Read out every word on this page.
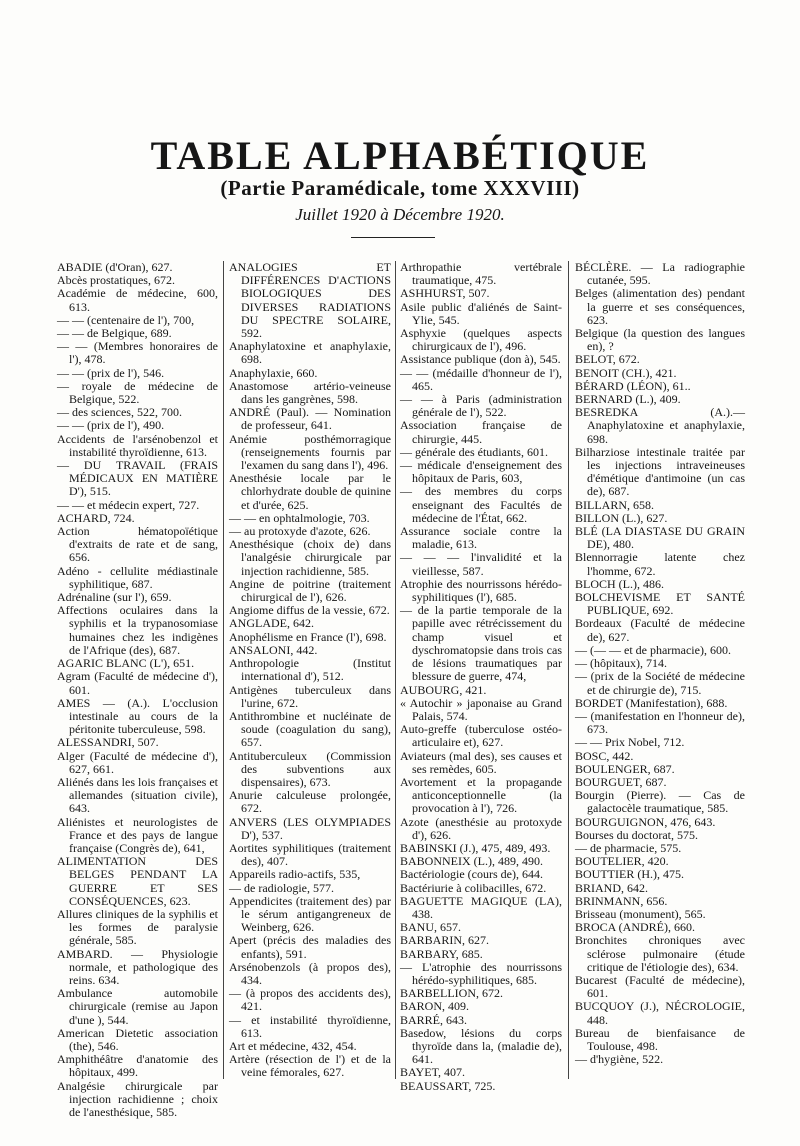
TABLE ALPHABÉTIQUE
(Partie Paramédicale, tome XXXVIII)
Juillet 1920 à Décembre 1920.

ABADIE (d'Oran), 627.

Abcès prostatiques, 672.

Académie de médecine, 600, 613.

— — (centenaire de l'), 700,

— — de Belgique, 689.

— — (Membres honoraires de l'), 478.

— — (prix de l'), 546.

— royale de médecine de Belgique, 522.

— des sciences, 522, 700.

— — (prix de l'), 490.

Accidents de l'arsénobenzol et instabilité thyroïdienne, 613.

— DU TRAVAIL (FRAIS MÉDICAUX EN MATIÈRE D'), 515.

— — et médecin expert, 727.

ACHARD, 724.

Action hématopoïétique d'extraits de rate et de sang, 656.

Adéno - cellulite médiastinale syphilitique, 687.

Adrénaline (sur l'), 659.

Affections oculaires dans la syphilis et la trypanosomiase humaines chez les indigènes de l'Afrique (des), 687.

AGARIC BLANC (L'), 651.

Agram (Faculté de médecine d'), 601.

AMES — (A.). L'occlusion intestinale au cours de la péritonite tuberculeuse, 598.

ALESSANDRI, 507.

Alger (Faculté de médecine d'), 627, 661.

Aliénés dans les lois françaises et allemandes (situation civile), 643.

Aliénistes et neurologistes de France et des pays de langue française (Congrès de), 641,

ALIMENTATION DES BELGES PENDANT LA GUERRE ET SES CONSÉQUENCES, 623.

Allures cliniques de la syphilis et les formes de paralysie générale, 585.

AMBARD. — Physiologie normale, et pathologique des reins. 634.

Ambulance automobile chirurgicale (remise au Japon d'une ), 544.

American Dietetic association (the), 546.

Amphithéâtre d'anatomie des hôpitaux, 499.

Analgésie chirurgicale par injection rachidienne ; choix de l'anesthésique, 585.

ANALOGIES ET DIFFÉRENCES D'ACTIONS BIOLOGIQUES DES DIVERSES RADIATIONS DU SPECTRE SOLAIRE, 592.

Anaphylatoxine et anaphylaxie, 698.

Anaphylaxie, 660.

Anastomose artério-veineuse dans les gangrènes, 598.

ANDRÉ (Paul). — Nomination de professeur, 641.

Anémie posthémorragique (renseignements fournis par l'examen du sang dans l'), 496.

Anesthésie locale par le chlorhydrate double de quinine et d'urée, 625.

— — en ophtalmologie, 703.

— au protoxyde d'azote, 626.

Anesthésique (choix de) dans l'analgésie chirurgicale par injection rachidienne, 585.

Angine de poitrine (traitement chirurgical de l'), 626.

Angiome diffus de la vessie, 672.

ANGLADE, 642.

Anophélisme en France (l'), 698.

ANSALONI, 442.

Anthropologie (Institut international d'), 512.

Antigènes tuberculeux dans l'urine, 672.

Antithrombine et nucléinate de soude (coagulation du sang), 657.

Antituberculeux (Commission des subventions aux dispensaires), 673.

Anurie calculeuse prolongée, 672.

ANVERS (LES OLYMPIADES D'), 537.

Aortites syphilitiques (traitement des), 407.

Appareils radio-actifs, 535,

— de radiologie, 577.

Appendicites (traitement des) par le sérum antigangreneux de Weinberg, 626.

Apert (précis des maladies des enfants), 591.

Arsénobenzols (à propos des), 434.

— (à propos des accidents des), 421.

— et instabilité thyroïdienne, 613.

Art et médecine, 432, 454.

Artère (résection de l') et de la veine fémorales, 627.

Arthropathie vertébrale traumatique, 475.

ASHHURST, 507.

Asile public d'aliénés de Saint-Ylie, 545.

Asphyxie (quelques aspects chirurgicaux de l'), 496.

Assistance publique (don à), 545.

— — (médaille d'honneur de l'), 465.

— — à Paris (administration générale de l'), 522.

Association française de chirurgie, 445.

— générale des étudiants, 601.

— médicale d'enseignement des hôpitaux de Paris, 603,

— des membres du corps enseignant des Facultés de médecine de l'État, 662.

Assurance sociale contre la maladie, 613.

— — — l'invalidité et la vieillesse, 587.

Atrophie des nourrissons hérédo-syphilitiques (l'), 685.

— de la partie temporale de la papille avec rétrécissement du champ visuel et dyschromatopsie dans trois cas de lésions traumatiques par blessure de guerre, 474,

AUBOURG, 421.

« Autochir » japonaise au Grand Palais, 574.

Auto-greffe (tuberculose ostéo-articulaire et), 627.

Aviateurs (mal des), ses causes et ses remèdes, 605.

Avortement et la propagande anticonceptionnelle (la provocation à l'), 726.

Azote (anesthésie au protoxyde d'), 626.

BABINSKI (J.), 475, 489, 493.

BABONNEIX (L.), 489, 490.

Bactériologie (cours de), 644.

Bactériurie à colibacilles, 672.

BAGUETTE MAGIQUE (LA), 438.

BANU, 657.

BARBARIN, 627.

BARBARY, 685.

— L'atrophie des nourrissons hérédo-syphilitiques, 685.

BARBELLION, 672.

BARON, 409.

BARRÉ, 643.

Basedow, lésions du corps thyroïde dans la, (maladie de), 641.

BAYET, 407.

BEAUSSART, 725.

BÉCLÈRE. — La radiographie cutanée, 595.

Belges (alimentation des) pendant la guerre et ses conséquences, 623.

Belgique (la question des langues en), ?

BELOT, 672.

BENOIT (CH.), 421.

BÉRARD (LÉON), 61..

BERNARD (L.), 409.

BESREDKA (A.).— Anaphylatoxine et anaphylaxie, 698.

Bilharziose intestinale traitée par les injections intraveineuses d'émétique d'antimoine (un cas de), 687.

BILLARN, 658.

BILLON (L.), 627.

BLÉ (LA DIASTASE DU GRAIN DE), 480.

Blennorragie latente chez l'homme, 672.

BLOCH (L.), 486.

BOLCHEVISME ET SANTÉ PUBLIQUE, 692.

Bordeaux (Faculté de médecine de), 627.

— (— — et de pharmacie), 600.

— (hôpitaux), 714.

— (prix de la Société de médecine et de chirurgie de), 715.

BORDET (Manifestation), 688.

— (manifestation en l'honneur de), 673.

— — Prix Nobel, 712.

BOSC, 442.

BOULENGER, 687.

BOURGUET, 687.

Bourgin (Pierre). — Cas de galactocèle traumatique, 585.

BOURGUIGNON, 476, 643.

Bourses du doctorat, 575.

— de pharmacie, 575.

BOUTELIER, 420.

BOUTTIER (H.), 475.

BRIAND, 642.

BRINMANN, 656.

Brisseau (monument), 565.

BROCA (ANDRÉ), 660.

Bronchites chroniques avec sclérose pulmonaire (étude critique de l'étiologie des), 634.

Bucarest (Faculté de médecine), 601.

BUCQUOY (J.), NÉCROLOGIE, 448.

Bureau de bienfaisance de Toulouse, 498.

— d'hygiène, 522.
